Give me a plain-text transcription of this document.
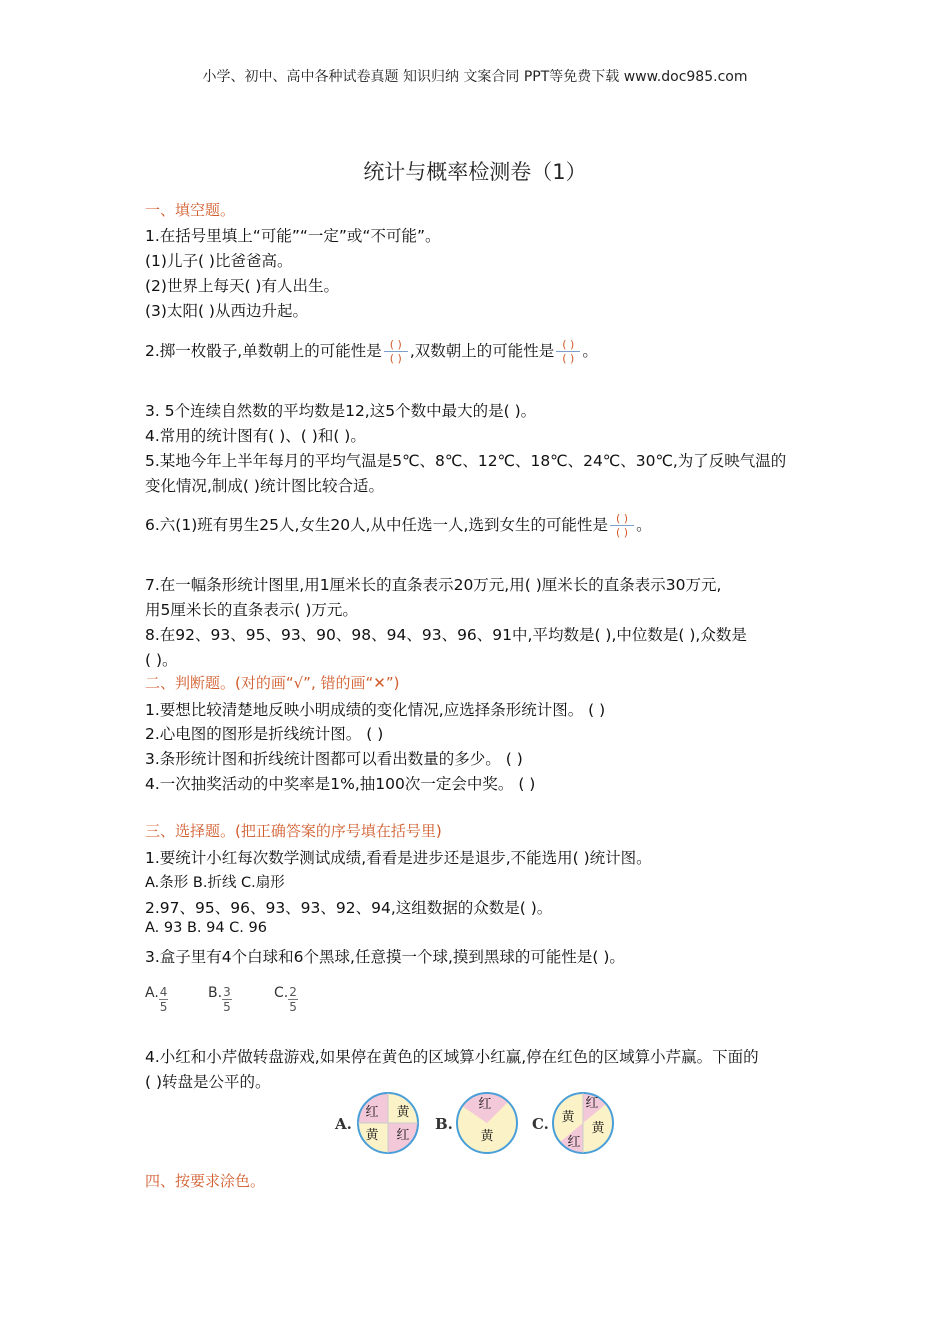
小学、初中、高中各种试卷真题 知识归纳 文案合同 PPT等免费下载 www.doc985.com
统计与概率检测卷（1）
一、填空题。
1.在括号里填上“可能”“一定”或“不可能”。
(1)儿子( )比爸爸高。
(2)世界上每天( )有人出生。
(3)太阳( )从西边升起。
2.掷一枚骰子,单数朝上的可能性是 $\frac{( )}{( )}$ ,双数朝上的可能性是 $\frac{( )}{( )}$ 。
3. 5个连续自然数的平均数是12,这5个数中最大的是( )。
4.常用的统计图有( )、( )和( )。
5.某地今年上半年每月的平均气温是5℃、8℃、12℃、18℃、24℃、30℃,为了反映气温的
变化情况,制成( )统计图比较合适。
6.六(1)班有男生25人,女生20人,从中任选一人,选到女生的可能性是 $\frac{( )}{( )}$ 。
7.在一幅条形统计图里,用1厘米长的直条表示20万元,用( )厘米长的直条表示30万元,
用5厘米长的直条表示( )万元。
8.在92、93、95、93、90、98、94、93、96、91中,平均数是( ),中位数是( ),众数是
( )。
二、判断题。(对的画“√”, 错的画“✕”)
1.要想比较清楚地反映小明成绩的变化情况,应选择条形统计图。 ( )
2.心电图的图形是折线统计图。 ( )
3.条形统计图和折线统计图都可以看出数量的多少。 ( )
4.一次抽奖活动的中奖率是1%,抽100次一定会中奖。 ( )
三、选择题。(把正确答案的序号填在括号里)
1.要统计小红每次数学测试成绩,看看是进步还是退步,不能选用( )统计图。
A.条形 B.折线 C.扇形
2.97、95、96、93、93、92、94,这组数据的众数是( )。
A. 93 B. 94 C. 96
3.盒子里有4个白球和6个黑球,任意摸一个球,摸到黑球的可能性是( )。
A. $\frac{4}{5}$	B. $\frac{3}{5}$	C. $\frac{2}{5}$
4.小红和小芹做转盘游戏,如果停在黄色的区域算小红赢,停在红色的区域算小芹赢。下面的
( )转盘是公平的。
A.
红 黄
黄 红
B.
红
黄
C.
红
黄
黄
红
四、按要求涂色。
